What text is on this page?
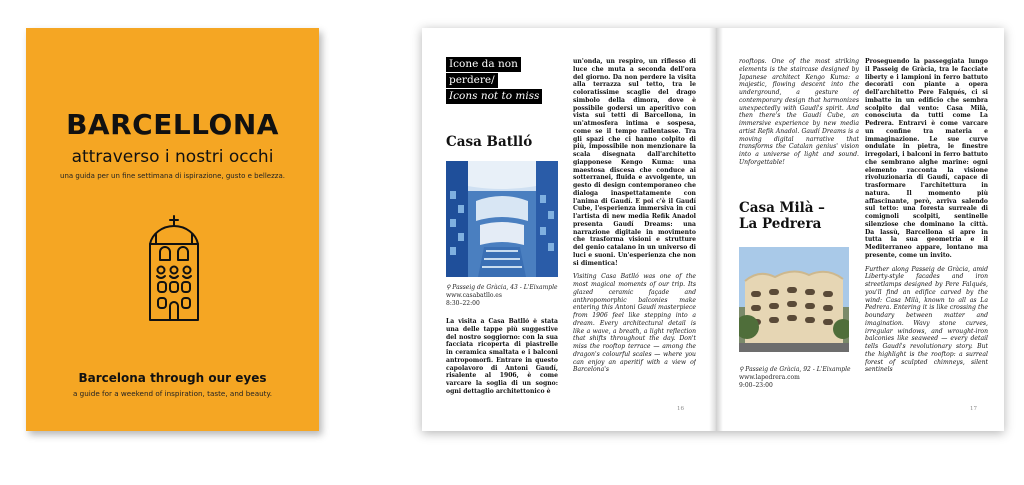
BARCELLONA
attraverso i nostri occhi
una guida per un fine settimana di ispirazione, gusto e bellezza.
Barcelona through our eyes
a guide for a weekend of inspiration, taste, and beauty.
Icone da non
perdere/
Icons not to miss
Casa Batlló
⚲ Passeig de Gràcia, 43 - L'Eixample
www.casabatllo.es
8:30–22:00

La visita a Casa Batlló è stata una delle tappe più suggestive del nostro soggiorno: con la sua facciata ricoperta di piastrelle in ceramica smaltata e i balconi antropomorfi. Entrare in questo capolavoro di Antoni Gaudí, risalente al 1906, è come varcare la soglia di un sogno: ogni dettaglio architettonico è

un'onda, un respiro, un riflesso di luce che muta a seconda dell'ora del giorno. Da non perdere la visita alla terrazza sul tetto, tra le coloratissime scaglie del drago simbolo della dimora, dove è possibile godersi un aperitivo con vista sui tetti di Barcellona, in un'atmosfera intima e sospesa, come se il tempo rallentasse. Tra gli spazi che ci hanno colpito di più, impossibile non menzionare la scala disegnata dall'architetto giapponese Kengo Kuma: una maestosa discesa che conduce ai sotterranei, fluida e avvolgente, un gesto di design contemporaneo che dialoga inaspettatamente con l'anima di Gaudí. E poi c'è il Gaudí Cube, l'esperienza immersiva in cui l'artista di new media Refik Anadol presenta Gaudí Dreams: una narrazione digitale in movimento che trasforma visioni e strutture del genio catalano in un universo di luci e suoni. Un'esperienza che non si dimentica!

Visiting Casa Batlló was one of the most magical moments of our trip. Its glazed ceramic façade and anthropomorphic balconies make entering this Antoni Gaudí masterpiece from 1906 feel like stepping into a dream. Every architectural detail is like a wave, a breath, a light reflection that shifts throughout the day. Don't miss the rooftop terrace — among the dragon's colourful scales — where you can enjoy an aperitif with a view of Barcelona's

16

rooftops. One of the most striking elements is the staircase designed by Japanese architect Kengo Kuma: a majestic, flowing descent into the underground, a gesture of contemporary design that harmonizes unexpectedly with Gaudí's spirit. And then there's the Gaudí Cube, an immersive experience by new media artist Refik Anadol. Gaudí Dreams is a moving digital narrative that transforms the Catalan genius' vision into a universe of light and sound. Unforgettable!

Casa Milà –
La Pedrera
⚲ Passeig de Gràcia, 92 - L'Eixample
www.lapedrera.com
9:00–23:00

Proseguendo la passeggiata lungo il Passeig de Gràcia, tra le facciate liberty e i lampioni in ferro battuto decorati con piante a opera dell'architetto Pere Falqués, ci si imbatte in un edificio che sembra scolpito dal vento: Casa Milà, conosciuta da tutti come La Pedrera. Entrarvi è come varcare un confine tra materia e immaginazione. Le sue curve ondulate in pietra, le finestre irregolari, i balconi in ferro battuto che sembrano alghe marine: ogni elemento racconta la visione rivoluzionaria di Gaudí, capace di trasformare l'architettura in natura. Il momento più affascinante, però, arriva salendo sul tetto: una foresta surreale di comignoli scolpiti, sentinelle silenziose che dominano la città. Da lassù, Barcellona si apre in tutta la sua geometria e il Mediterraneo appare, lontano ma presente, come un invito.

Further along Passeig de Gràcia, amid Liberty-style facades and iron streetlamps designed by Pere Falqués, you'll find an edifice carved by the wind: Casa Milà, known to all as La Pedrera. Entering it is like crossing the boundary between matter and imagination. Wavy stone curves, irregular windows, and wrought-iron balconies like seaweed — every detail tells Gaudí's revolutionary story. But the highlight is the rooftop: a surreal forest of sculpted chimneys, silent sentinels

17
